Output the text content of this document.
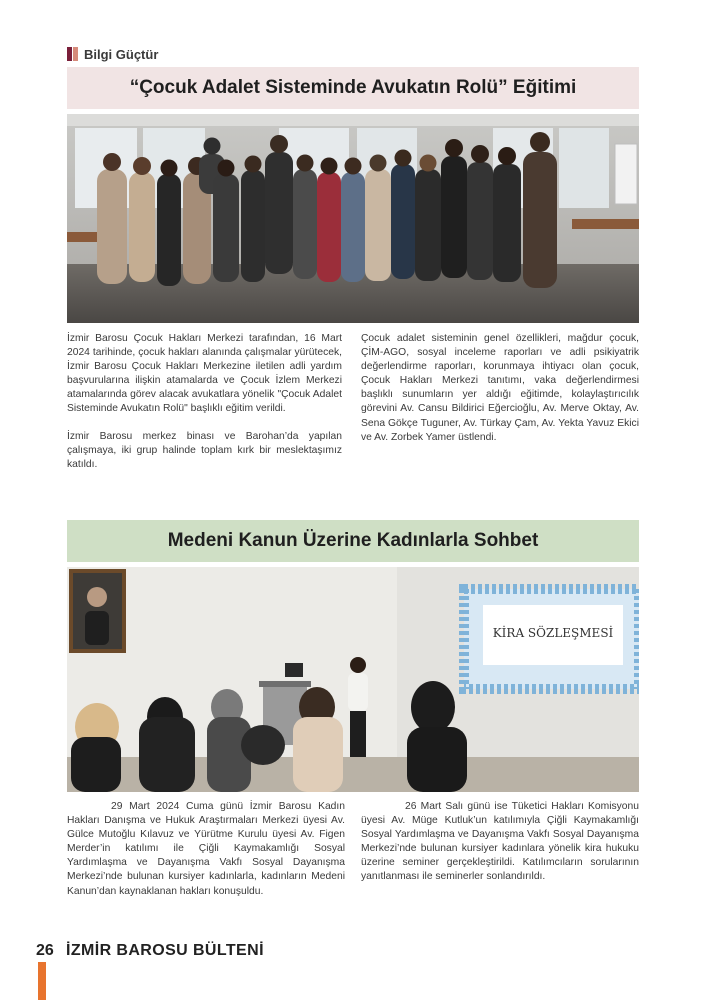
Bilgi Güçtür
“Çocuk Adalet Sisteminde Avukatın Rolü” Eğitimi

İzmir Barosu Çocuk Hakları Merkezi tarafından, 16 Mart 2024 tarihinde, çocuk hakları alanında çalışmalar yürütecek, İzmir Barosu Çocuk Hakları Merkezine iletilen adli yardım başvurularına ilişkin atamalarda ve Çocuk İzlem Merkezi atamalarında görev alacak avukatlara yönelik "Çocuk Adalet Sisteminde Avukatın Rolü" başlıklı eğitim verildi.

İzmir Barosu merkez binası ve Barohan’da yapılan çalışmaya, iki grup halinde toplam kırk bir meslektaşımız katıldı.

Çocuk adalet sisteminin genel özellikleri, mağdur çocuk, ÇİM-AGO, sosyal inceleme raporları ve adli psikiyatrik değerlendirme raporları, korunmaya ihtiyacı olan çocuk, Çocuk Hakları Merkezi tanıtımı, vaka değerlendirmesi başlıklı sunumların yer aldığı eğitimde, kolaylaştırıcılık görevini Av. Cansu Bildirici Eğercioğlu, Av. Merve Oktay, Av. Sena Gökçe Tuguner, Av. Türkay Çam, Av. Yekta Yavuz Ekici ve Av. Zorbek Yamer üstlendi.

Medeni Kanun Üzerine Kadınlarla Sohbet
KİRA SÖZLEŞMESİ

29 Mart 2024 Cuma günü İzmir Barosu Kadın Hakları Danışma ve Hukuk Araştırmaları Merkezi üyesi Av. Gülce Mutoğlu Kılavuz ve Yürütme Kurulu üyesi Av. Figen Merder’in katılımı ile Çiğli Kaymakamlığı Sosyal Yardımlaşma ve Dayanışma Vakfı Sosyal Dayanışma Merkezi’nde bulunan kursiyer kadınlarla, kadınların Medeni Kanun’dan kaynaklanan hakları konuşuldu.

26 Mart Salı günü ise Tüketici Hakları Komisyonu üyesi Av. Müge Kutluk’un katılımıyla Çiğli Kaymakamlığı Sosyal Yardımlaşma ve Dayanışma Vakfı Sosyal Dayanışma Merkezi’nde bulunan kursiyer kadınlara yönelik kira hukuku üzerine seminer gerçekleştirildi. Katılımcıların sorularının yanıtlanması ile seminerler sonlandırıldı.

26 İZMİR BAROSU BÜLTENİ
